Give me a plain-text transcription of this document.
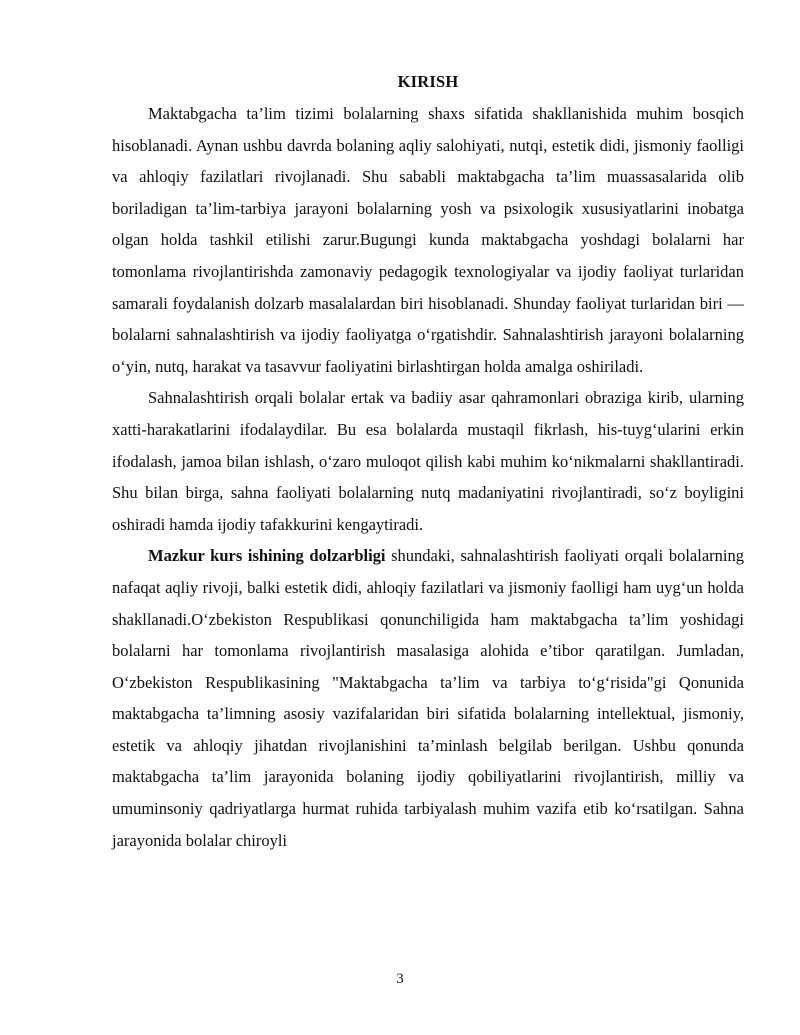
KIRISH

Maktabgacha ta’lim tizimi bolalarning shaxs sifatida shakllanishida muhim bosqich hisoblanadi. Aynan ushbu davrda bolaning aqliy salohiyati, nutqi, estetik didi, jismoniy faolligi va ahloqiy fazilatlari rivojlanadi. Shu sababli maktabgacha ta’lim muassasalarida olib boriladigan ta’lim-tarbiya jarayoni bolalarning yosh va psixologik xususiyatlarini inobatga olgan holda tashkil etilishi zarur.Bugungi kunda maktabgacha yoshdagi bolalarni har tomonlama rivojlantirishda zamonaviy pedagogik texnologiyalar va ijodiy faoliyat turlaridan samarali foydalanish dolzarb masalalardan biri hisoblanadi. Shunday faoliyat turlaridan biri — bolalarni sahnalashtirish va ijodiy faoliyatga o‘rgatishdir. Sahnalashtirish jarayoni bolalarning o‘yin, nutq, harakat va tasavvur faoliyatini birlashtirgan holda amalga oshiriladi.

Sahnalashtirish orqali bolalar ertak va badiiy asar qahramonlari obraziga kirib, ularning xatti-harakatlarini ifodalaydilar. Bu esa bolalarda mustaqil fikrlash, his-tuyg‘ularini erkin ifodalash, jamoa bilan ishlash, o‘zaro muloqot qilish kabi muhim ko‘nikmalarni shakllantiradi. Shu bilan birga, sahna faoliyati bolalarning nutq madaniyatini rivojlantiradi, so‘z boyligini oshiradi hamda ijodiy tafakkurini kengaytiradi.

Mazkur kurs ishining dolzarbligi shundaki, sahnalashtirish faoliyati orqali bolalarning nafaqat aqliy rivoji, balki estetik didi, ahloqiy fazilatlari va jismoniy faolligi ham uyg‘un holda shakllanadi.O‘zbekiston Respublikasi qonunchiligida ham maktabgacha ta’lim yoshidagi bolalarni har tomonlama rivojlantirish masalasiga alohida e’tibor qaratilgan. Jumladan, O‘zbekiston Respublikasining "Maktabgacha ta’lim va tarbiya to‘g‘risida"gi Qonunida maktabgacha ta’limning asosiy vazifalaridan biri sifatida bolalarning intellektual, jismoniy, estetik va ahloqiy jihatdan rivojlanishini ta’minlash belgilab berilgan. Ushbu qonunda maktabgacha ta’lim jarayonida bolaning ijodiy qobiliyatlarini rivojlantirish, milliy va umuminsoniy qadriyatlarga hurmat ruhida tarbiyalash muhim vazifa etib ko‘rsatilgan. Sahna jarayonida bolalar chiroyli

3
